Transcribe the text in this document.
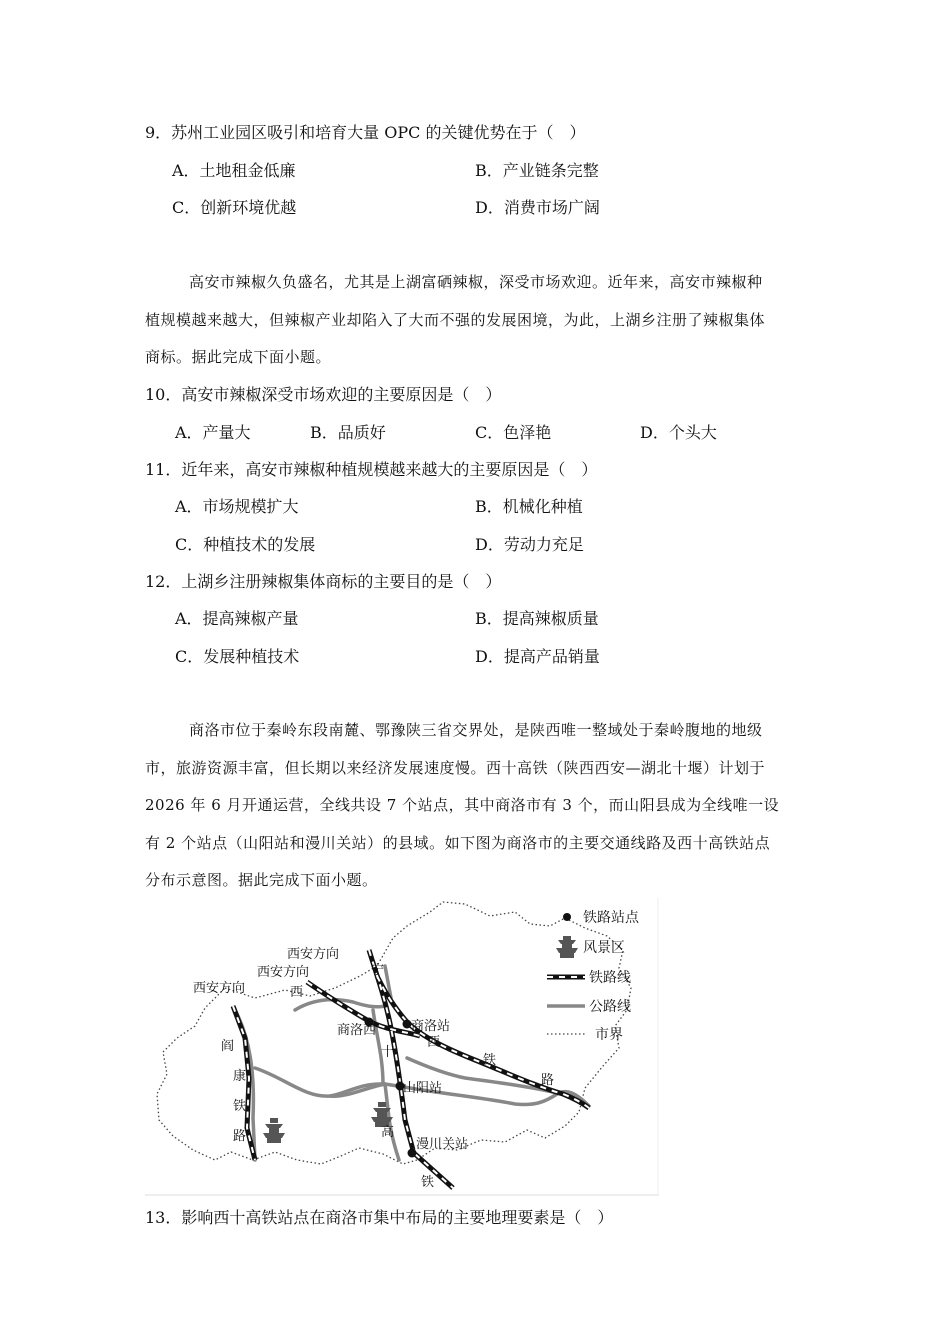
9．苏州工业园区吸引和培育大量 OPC 的关键优势在于（　）
A．土地租金低廉	B．产业链条完整
C．创新环境优越	D．消费市场广阔

高安市辣椒久负盛名，尤其是上湖富硒辣椒，深受市场欢迎。近年来，高安市辣椒种

植规模越来越大，但辣椒产业却陷入了大而不强的发展困境，为此，上湖乡注册了辣椒集体

商标。据此完成下面小题。

10．高安市辣椒深受市场欢迎的主要原因是（　）
A．产量大	B．品质好	C．色泽艳	D．个头大
11．近年来，高安市辣椒种植规模越来越大的主要原因是（　）
A．市场规模扩大	B．机械化种植
C．种植技术的发展	D．劳动力充足
12．上湖乡注册辣椒集体商标的主要目的是（　）
A．提高辣椒产量	B．提高辣椒质量
C．发展种植技术	D．提高产品销量

商洛市位于秦岭东段南麓、鄂豫陕三省交界处，是陕西唯一整域处于秦岭腹地的地级

市，旅游资源丰富，但长期以来经济发展速度慢。西十高铁（陕西西安—湖北十堰）计划于

2026 年 6 月开通运营，全线共设 7 个站点，其中商洛市有 3 个，而山阳县成为全线唯一设

有 2 个站点（山阳站和漫川关站）的县域。如下图为商洛市的主要交通线路及西十高铁站点

分布示意图。据此完成下面小题。

西安方向
西安方向
西安方向
宁
西
商洛西	商洛站
西
铁
路
十
山阳站
高
漫川关站
铁
阎
康
铁
路
铁路站点
风景区
铁路线
公路线
市界
13．影响西十高铁站点在商洛市集中布局的主要地理要素是（　）
